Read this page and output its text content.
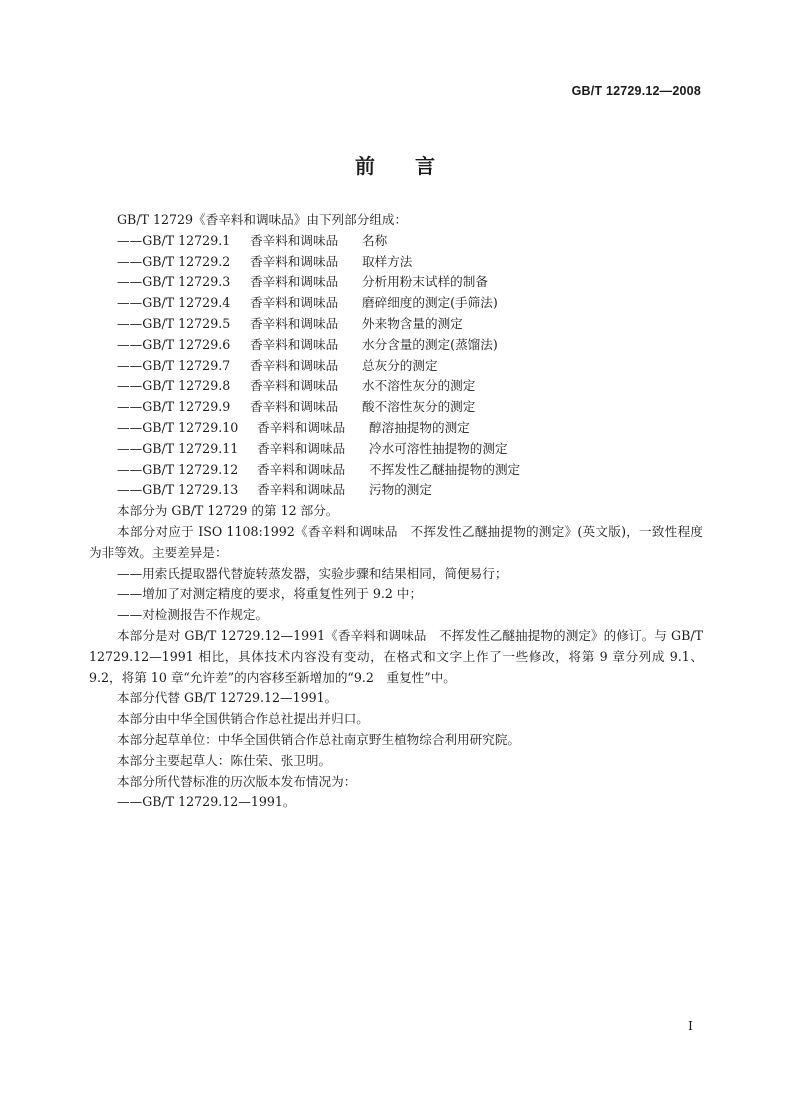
GB/T 12729.12—2008
前 言

GB/T 12729《香辛料和调味品》由下列部分组成：

——GB/T 12729.1 香辛料和调味品 名称
——GB/T 12729.2 香辛料和调味品 取样方法
——GB/T 12729.3 香辛料和调味品 分析用粉末试样的制备
——GB/T 12729.4 香辛料和调味品 磨碎细度的测定(手筛法)
——GB/T 12729.5 香辛料和调味品 外来物含量的测定
——GB/T 12729.6 香辛料和调味品 水分含量的测定(蒸馏法)
——GB/T 12729.7 香辛料和调味品 总灰分的测定
——GB/T 12729.8 香辛料和调味品 水不溶性灰分的测定
——GB/T 12729.9 香辛料和调味品 酸不溶性灰分的测定
——GB/T 12729.10 香辛料和调味品 醇溶抽提物的测定
——GB/T 12729.11 香辛料和调味品 冷水可溶性抽提物的测定
——GB/T 12729.12 香辛料和调味品 不挥发性乙醚抽提物的测定
——GB/T 12729.13 香辛料和调味品 污物的测定

本部分为 GB/T 12729 的第 12 部分。

本部分对应于 ISO 1108:1992《香辛料和调味品　不挥发性乙醚抽提物的测定》(英文版)，一致性程度为非等效。主要差异是：

——用索氏提取器代替旋转蒸发器，实验步骤和结果相同，简便易行；
——增加了对测定精度的要求，将重复性列于 9.2 中；
——对检测报告不作规定。

本部分是对 GB/T 12729.12—1991《香辛料和调味品　不挥发性乙醚抽提物的测定》的修订。与 GB/T 12729.12—1991 相比，具体技术内容没有变动，在格式和文字上作了一些修改，将第 9 章分列成 9.1、9.2，将第 10 章“允许差”的内容移至新增加的“9.2　重复性”中。

本部分代替 GB/T 12729.12—1991。

本部分由中华全国供销合作总社提出并归口。

本部分起草单位：中华全国供销合作总社南京野生植物综合利用研究院。

本部分主要起草人：陈仕荣、张卫明。

本部分所代替标准的历次版本发布情况为：

——GB/T 12729.12—1991。
I
